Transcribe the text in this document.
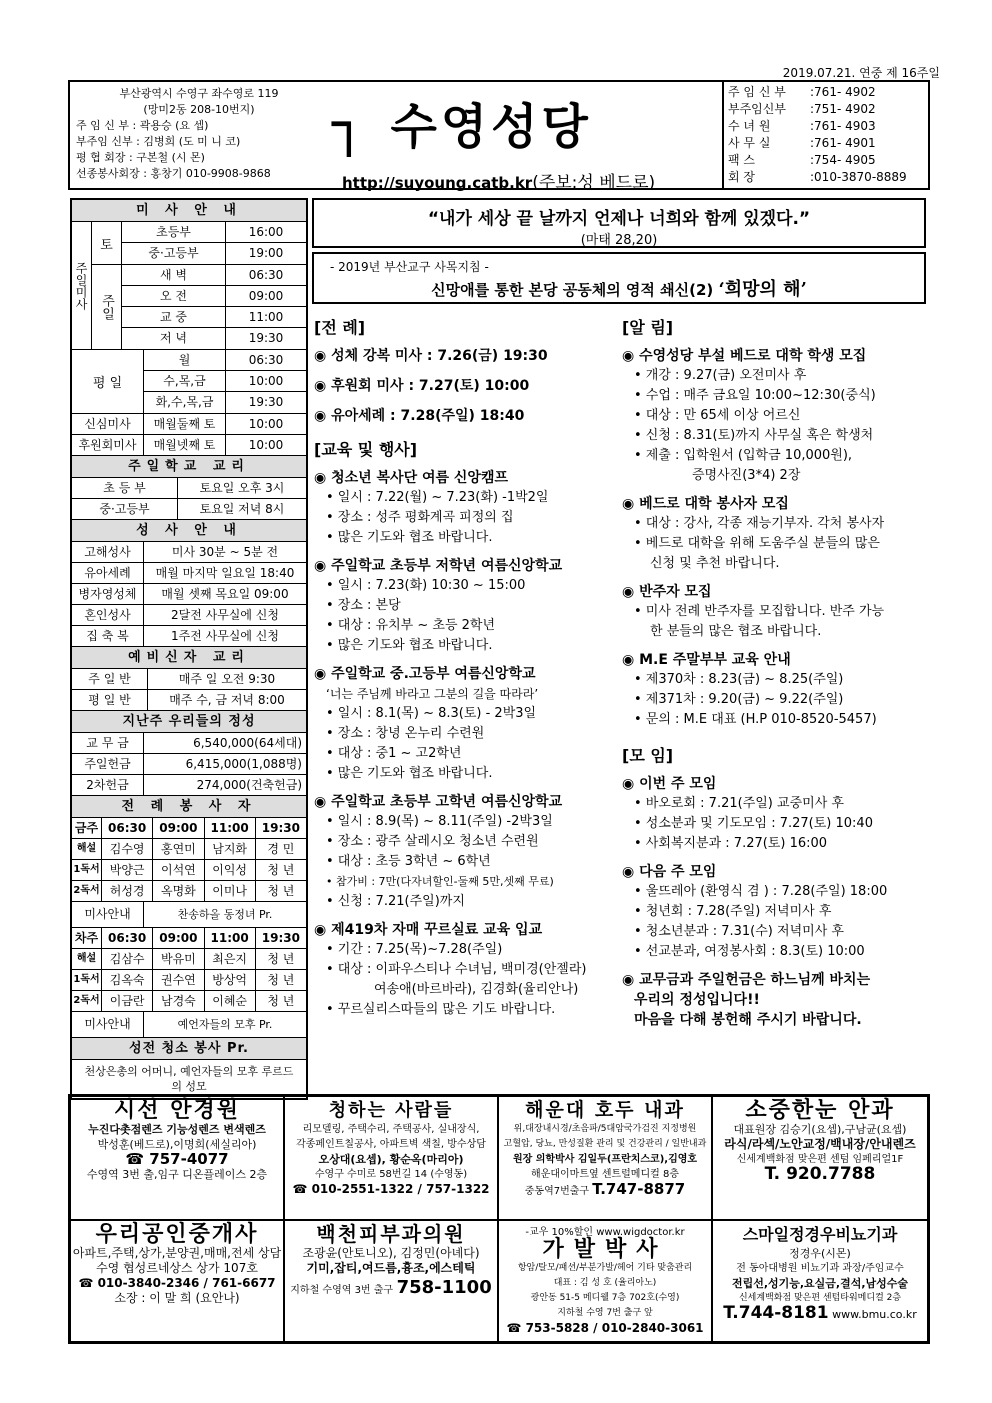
2019.07.21. 연중 제 16주일
부산광역시 수영구 좌수영로 119
(망미2동 208-10번지)
주 임 신 부 : 곽용승 (요 셉)
부주임 신부 : 김병희 (도 미 니 코)
평 협 회장 : 구본철 (시 몬)
선종봉사회장 : 홍창기 010-9908-9868
┐ 수영성당
http://suyoung.catb.kr(주보:성 베드로)
주 임 신 부	: 761- 4902
부주임신부	: 751- 4902
수 녀 원	: 761- 4903
사 무 실	: 761- 4901
팩 스	: 754- 4905
회 장	: 010-3870-8889
미 사 안 내
주일미사
토
초등부	16:00
중·고등부	19:00
주일
새 벽	06:30
오 전	09:00
교 중	11:00
저 녁	19:30
평 일
월	06:30
수,목,금	10:00
화,수,목,금	19:30
신심미사	매월둘째 토	10:00
후원회미사	매월넷째 토	10:00
주일학교 교리
초 등 부	토요일 오후 3시
중·고등부	토요일 저녁 8시
성 사 안 내
고해성사	미사 30분 ~ 5분 전
유아세례	매월 마지막 일요일 18:40
병자영성체	매월 셋째 목요일 09:00
혼인성사	2달전 사무실에 신청
집 축 복	1주전 사무실에 신청
예비신자 교리
주 일 반	매주 일 오전 9:30
평 일 반	매주 수, 금 저녁 8:00
지난주 우리들의 정성
교 무 금	6,540,000(64세대)
주일헌금	6,415,000(1,088명)
2차헌금	274,000(건축헌금)
전 례 봉 사 자
금주 06:30	09:00	11:00	19:30
해설	김수영	홍연미	남지화	경 민
1독서 박양근	이석연	이익성	청 년
2독서 허성경	옥명화	이미나	청 년
미사안내	찬송하올 동정녀 Pr.
차주 06:30	09:00	11:00	19:30
해설	김삼수	박유미	최은지	청 년
1독서 김옥숙	권수연	방상억	청 년
2독서 이금란	남경숙	이혜순	청 년
미사안내	예언자들의 모후 Pr.
성전 청소 봉사 Pr.
천상은총의 어머니, 예언자들의 모후 루르드의 성모
“내가 세상 끝 날까지 언제나 너희와 함께 있겠다.”
(마태 28,20)
- 2019년 부산교구 사목지침 -
신망애를 통한 본당 공동체의 영적 쇄신(2) ‘희망의 해’
[전 례]
◉ 성체 강복 미사 : 7.26(금) 19:30
◉ 후원회 미사 : 7.27(토) 10:00
◉ 유아세례 : 7.28(주일) 18:40
[교육 및 행사]
◉ 청소년 복사단 여름 신앙캠프
• 일시 : 7.22(월) ~ 7.23(화) -1박2일
• 장소 : 성주 평화계곡 피정의 집
• 많은 기도와 협조 바랍니다.
◉ 주일학교 초등부 저학년 여름신앙학교
• 일시 : 7.23(화) 10:30 ~ 15:00
• 장소 : 본당
• 대상 : 유치부 ~ 초등 2학년
• 많은 기도와 협조 바랍니다.
◉ 주일학교 중.고등부 여름신앙학교
‘너는 주님께 바라고 그분의 길을 따라라’
• 일시 : 8.1(목) ~ 8.3(토) - 2박3일
• 장소 : 창녕 온누리 수련원
• 대상 : 중1 ~ 고2학년
• 많은 기도와 협조 바랍니다.
◉ 주일학교 초등부 고학년 여름신앙학교
• 일시 : 8.9(목) ~ 8.11(주일) -2박3일
• 장소 : 광주 살레시오 청소년 수련원
• 대상 : 초등 3학년 ~ 6학년
• 참가비 : 7만(다자녀할인-둘째 5만,셋째 무료)
• 신청 : 7.21(주일)까지
◉ 제419차 자매 꾸르실료 교육 입교
• 기간 : 7.25(목)~7.28(주일)
• 대상 : 이파우스티나 수녀님, 백미경(안젤라)
여송애(바르바라), 김경화(율리안나)
• 꾸르실리스따들의 많은 기도 바랍니다.
[알 림]
◉ 수영성당 부설 베드로 대학 학생 모집
• 개강 : 9.27(금) 오전미사 후
• 수업 : 매주 금요일 10:00~12:30(중식)
• 대상 : 만 65세 이상 어르신
• 신청 : 8.31(토)까지 사무실 혹은 학생처
• 제출 : 입학원서 (입학금 10,000원),
증명사진(3*4) 2장
◉ 베드로 대학 봉사자 모집
• 대상 : 강사, 각종 재능기부자. 각처 봉사자
• 베드로 대학을 위해 도움주실 분들의 많은
신청 및 추천 바랍니다.
◉ 반주자 모집
• 미사 전례 반주자를 모집합니다. 반주 가능
한 분들의 많은 협조 바랍니다.
◉ M.E 주말부부 교육 안내
• 제370차 : 8.23(금) ~ 8.25(주일)
• 제371차 : 9.20(금) ~ 9.22(주일)
• 문의 : M.E 대표 (H.P 010-8520-5457)
[모 임]
◉ 이번 주 모임
• 바오로회 : 7.21(주일) 교중미사 후
• 성소분과 및 기도모임 : 7.27(토) 10:40
• 사회복지분과 : 7.27(토) 16:00
◉ 다음 주 모임
• 울뜨레아 (환영식 겸 ) : 7.28(주일) 18:00
• 청년회 : 7.28(주일) 저녁미사 후
• 청소년분과 : 7.31(수) 저녁미사 후
• 선교분과, 여정봉사회 : 8.3(토) 10:00
◉ 교무금과 주일헌금은 하느님께 바치는
우리의 정성입니다!!
마음을 다해 봉헌해 주시기 바랍니다.
시선 안경원
누진다촛점렌즈 기능성렌즈 변색렌즈
박성훈(베드로),이명희(세실리아)
☎ 757-4077
수영역 3번 출,임구 디온플레이스 2층
청하는 사람들
리모델링, 주택수리, 주택공사, 실내장식,
각종페인트칠공사, 아파트벽 색칠, 방수상담
오상대(요셉), 황순옥(마리아)
수영구 수미로 58번길 14 (수영동)
☎ 010-2551-1322 / 757-1322
해운대 호두 내과
위,대장내시경/초음파/5대암국가검진 지정병원
고혈압, 당뇨, 만성질환 관리 및 건강관리 / 일반내과
원장 의학박사 김일두(프란치스코),김영호
해운대이마트옆 센트럴메디컬 8층
중동역7번출구 T.747-8877
소중한눈 안과
대표원장 김승기(요셉),구남균(요셉)
라식/라섹/노안교정/백내장/안내렌즈
신세계백화점 맞은편 센텀 임페리얼1F
T. 920.7788
우리공인중개사
아파트,주택,상가,분양권,매매,전세 상담
수영 협성르네상스 상가 107호
☎ 010-3840-2346 / 761-6677
소장 : 이 말 희 (요안나)
백천피부과의원
조광윤(안토니오), 김정민(아녜다)
기미,잡티,여드름,흉조,에스테틱
지하철 수영역 3번 출구 758-1100
-교우 10%할인 www.wigdoctor.kr
가발박사
항암/탈모/패션/부분가발/헤어 기타 맞춤관리
대표 : 김 성 호 (율리아노)
광안동 51-5 메디웰 7층 702호(수영)
지하철 수영 7번 출구 앞
☎ 753-5828 / 010-2840-3061
스마일정경우비뇨기과
정경우(시몬)
전 동아대병원 비뇨기과 과장/주임교수
전립선,성기능,요실금,결석,남성수술
신세계백화점 맞은편 센텀타워메디컬 2층
T.744-8181 www.bmu.co.kr
